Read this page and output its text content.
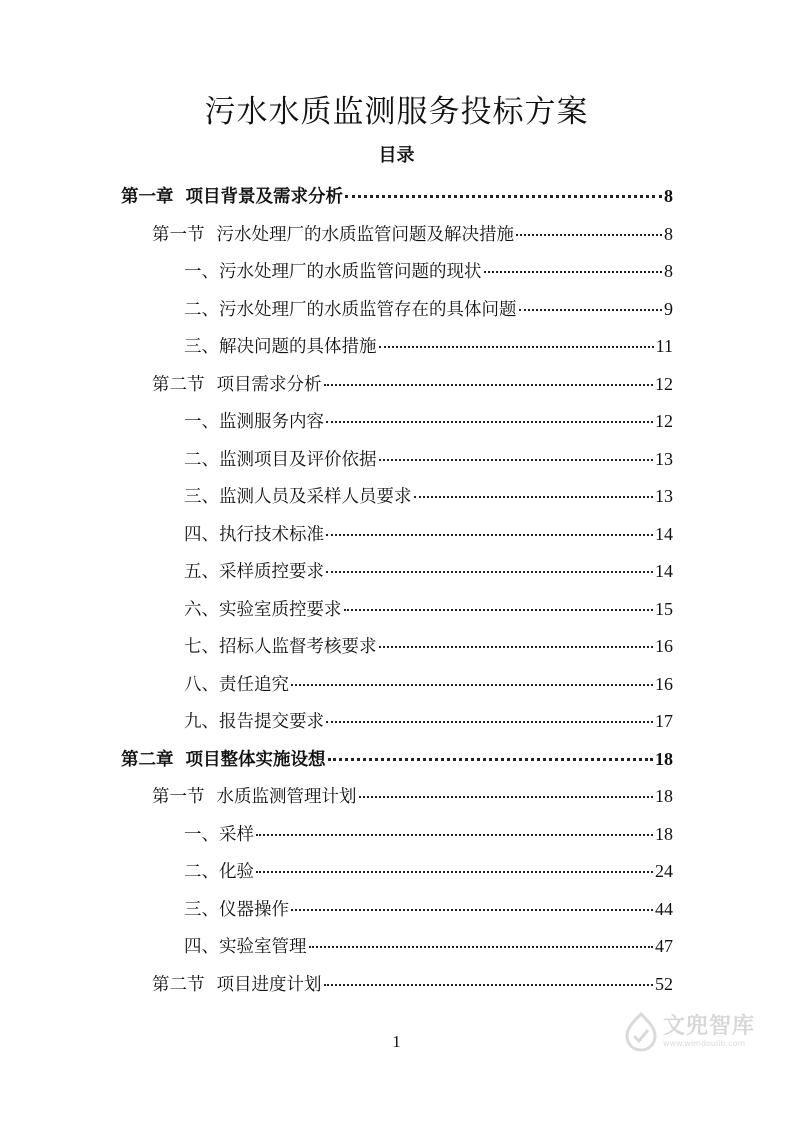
污水水质监测服务投标方案
目录
第一章 项目背景及需求分析	8
第一节 污水处理厂的水质监管问题及解决措施	8
一、污水处理厂的水质监管问题的现状	8
二、污水处理厂的水质监管存在的具体问题	9
三、解决问题的具体措施	11
第二节 项目需求分析	12
一、监测服务内容	12
二、监测项目及评价依据	13
三、监测人员及采样人员要求	13
四、执行技术标准	14
五、采样质控要求	14
六、实验室质控要求	15
七、招标人监督考核要求	16
八、责任追究	16
九、报告提交要求	17
第二章 项目整体实施设想	18
第一节 水质监测管理计划	18
一、采样	18
二、化验	24
三、仪器操作	44
四、实验室管理	47
第二节 项目进度计划	52
1
文兜智库
www.wendoulib.com
